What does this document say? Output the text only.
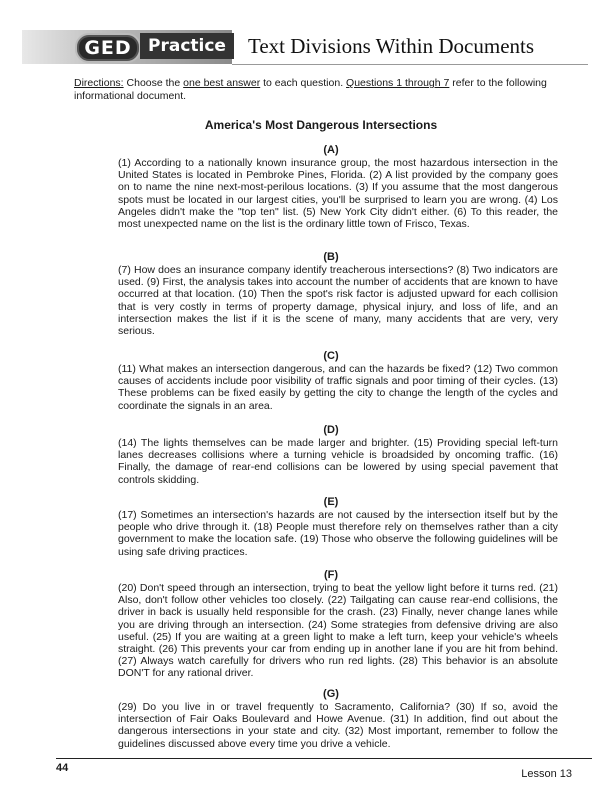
GED Practice	Text Divisions Within Documents
Directions: Choose the one best answer to each question. Questions 1 through 7 refer to the following informational document.
America's Most Dangerous Intersections
(A)
(1) According to a nationally known insurance group, the most hazardous intersection in the United States is located in Pembroke Pines, Florida. (2) A list provided by the company goes on to name the nine next-most-perilous locations. (3) If you assume that the most dangerous spots must be located in our largest cities, you'll be surprised to learn you are wrong. (4) Los Angeles didn't make the "top ten" list. (5) New York City didn't either. (6) To this reader, the most unexpected name on the list is the ordinary little town of Frisco, Texas.
(B)
(7) How does an insurance company identify treacherous intersections? (8) Two indicators are used. (9) First, the analysis takes into account the number of accidents that are known to have occurred at that location. (10) Then the spot's risk factor is adjusted upward for each collision that is very costly in terms of property damage, physical injury, and loss of life, and an intersection makes the list if it is the scene of many, many accidents that are very, very serious.
(C)
(11) What makes an intersection dangerous, and can the hazards be fixed? (12) Two common causes of accidents include poor visibility of traffic signals and poor timing of their cycles. (13) These problems can be fixed easily by getting the city to change the length of the cycles and coordinate the signals in an area.
(D)
(14) The lights themselves can be made larger and brighter. (15) Providing special left-turn lanes decreases collisions where a turning vehicle is broadsided by oncoming traffic. (16) Finally, the damage of rear-end collisions can be lowered by using special pavement that controls skidding.
(E)
(17) Sometimes an intersection's hazards are not caused by the intersection itself but by the people who drive through it. (18) People must therefore rely on themselves rather than a city government to make the location safe. (19) Those who observe the following guidelines will be using safe driving practices.
(F)
(20) Don't speed through an intersection, trying to beat the yellow light before it turns red. (21) Also, don't follow other vehicles too closely. (22) Tailgating can cause rear-end collisions, the driver in back is usually held responsible for the crash. (23) Finally, never change lanes while you are driving through an intersection. (24) Some strategies from defensive driving are also useful. (25) If you are waiting at a green light to make a left turn, keep your vehicle's wheels straight. (26) This prevents your car from ending up in another lane if you are hit from behind. (27) Always watch carefully for drivers who run red lights. (28) This behavior is an absolute DON'T for any rational driver.
(G)
(29) Do you live in or travel frequently to Sacramento, California? (30) If so, avoid the intersection of Fair Oaks Boulevard and Howe Avenue. (31) In addition, find out about the dangerous intersections in your state and city. (32) Most important, remember to follow the guidelines discussed above every time you drive a vehicle.
44	Lesson 13
